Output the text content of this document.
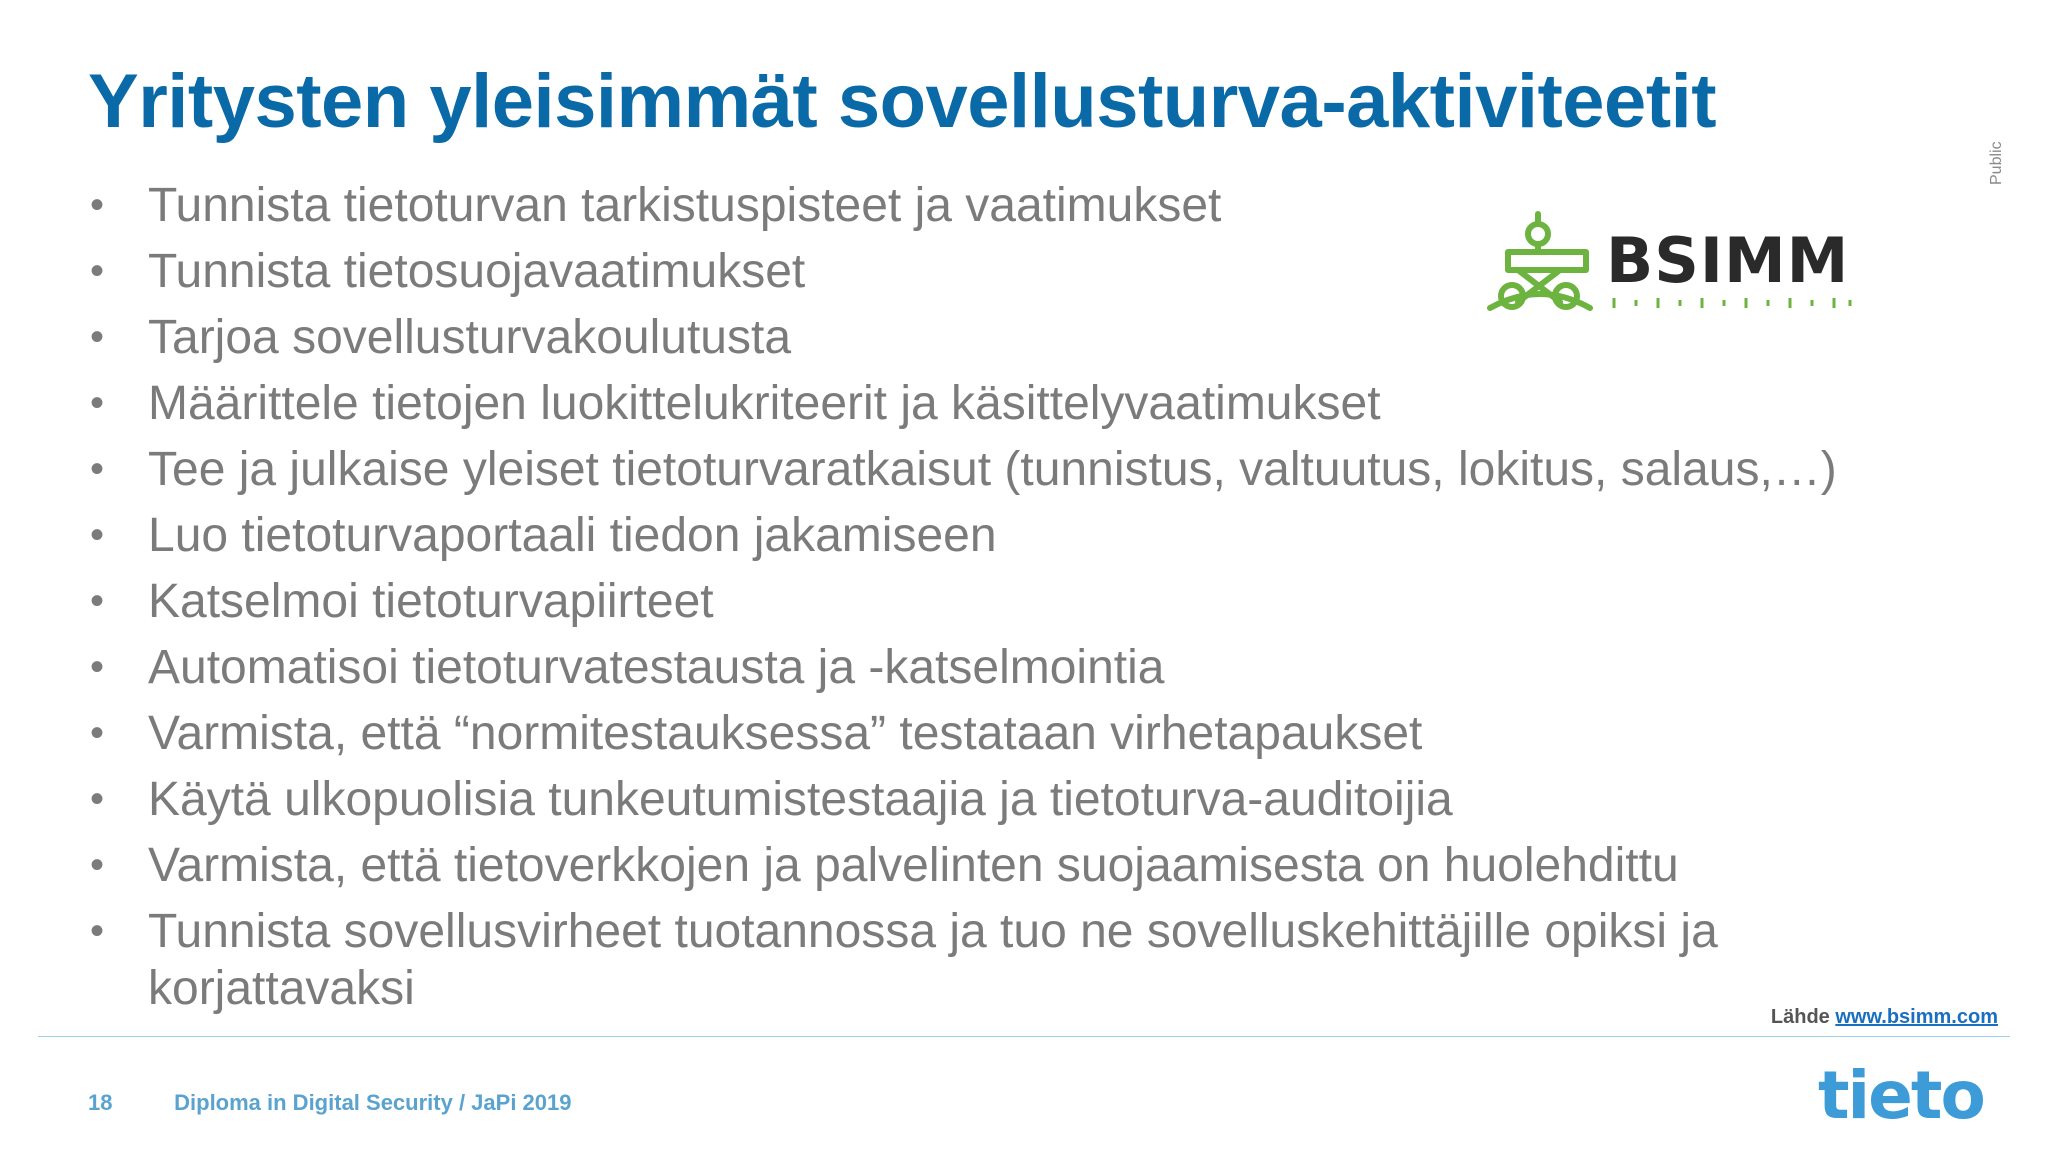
Yritysten yleisimmät sovellusturva-aktiviteetit
Public
• Tunnista tietoturvan tarkistuspisteet ja vaatimukset
• Tunnista tietosuojavaatimukset
• Tarjoa sovellusturvakoulutusta
• Määrittele tietojen luokittelukriteerit ja käsittelyvaatimukset
• Tee ja julkaise yleiset tietoturvaratkaisut (tunnistus, valtuutus, lokitus, salaus,…)
• Luo tietoturvaportaali tiedon jakamiseen
• Katselmoi tietoturvapiirteet
• Automatisoi tietoturvatestausta ja -katselmointia
• Varmista, että “normitestauksessa” testataan virhetapaukset
• Käytä ulkopuolisia tunkeutumistestaajia ja tietoturva-auditoijia
• Varmista, että tietoverkkojen ja palvelinten suojaamisesta on huolehdittu
• Tunnista sovellusvirheet tuotannossa ja tuo ne sovelluskehittäjille opiksi ja korjattavaksi
BSIMM
Lähde www.bsimm.com
18	Diploma in Digital Security / JaPi 2019	tieto
